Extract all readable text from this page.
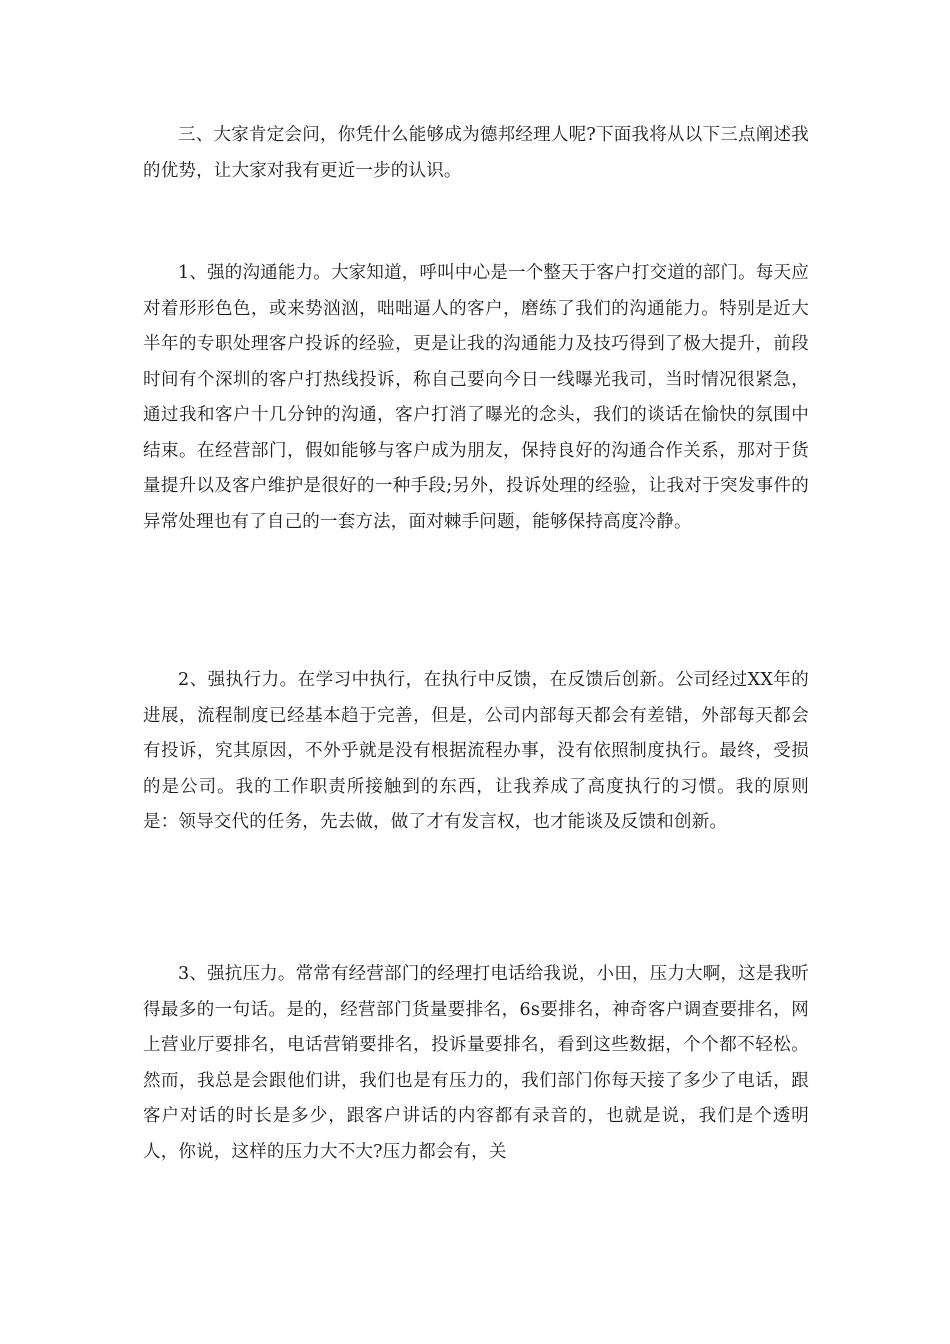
三、大家肯定会问，你凭什么能够成为德邦经理人呢?下面我将从以下三点阐述我的优势，让大家对我有更近一步的认识。

1、强的沟通能力。大家知道，呼叫中心是一个整天于客户打交道的部门。每天应对着形形色色，或来势汹汹，咄咄逼人的客户，磨练了我们的沟通能力。特别是近大半年的专职处理客户投诉的经验，更是让我的沟通能力及技巧得到了极大提升，前段时间有个深圳的客户打热线投诉，称自己要向今日一线曝光我司，当时情况很紧急，通过我和客户十几分钟的沟通，客户打消了曝光的念头，我们的谈话在愉快的氛围中结束。在经营部门，假如能够与客户成为朋友，保持良好的沟通合作关系，那对于货量提升以及客户维护是很好的一种手段;另外，投诉处理的经验，让我对于突发事件的异常处理也有了自己的一套方法，面对棘手问题，能够保持高度冷静。

2、强执行力。在学习中执行，在执行中反馈，在反馈后创新。公司经过XX年的进展，流程制度已经基本趋于完善，但是，公司内部每天都会有差错，外部每天都会有投诉，究其原因，不外乎就是没有根据流程办事，没有依照制度执行。最终，受损的是公司。我的工作职责所接触到的东西，让我养成了高度执行的习惯。我的原则是：领导交代的任务，先去做，做了才有发言权，也才能谈及反馈和创新。

3、强抗压力。常常有经营部门的经理打电话给我说，小田，压力大啊，这是我听得最多的一句话。是的，经营部门货量要排名，6s要排名，神奇客户调查要排名，网上营业厅要排名，电话营销要排名，投诉量要排名，看到这些数据，个个都不轻松。然而，我总是会跟他们讲，我们也是有压力的，我们部门你每天接了多少了电话，跟客户对话的时长是多少，跟客户讲话的内容都有录音的，也就是说，我们是个透明人，你说，这样的压力大不大?压力都会有，关
